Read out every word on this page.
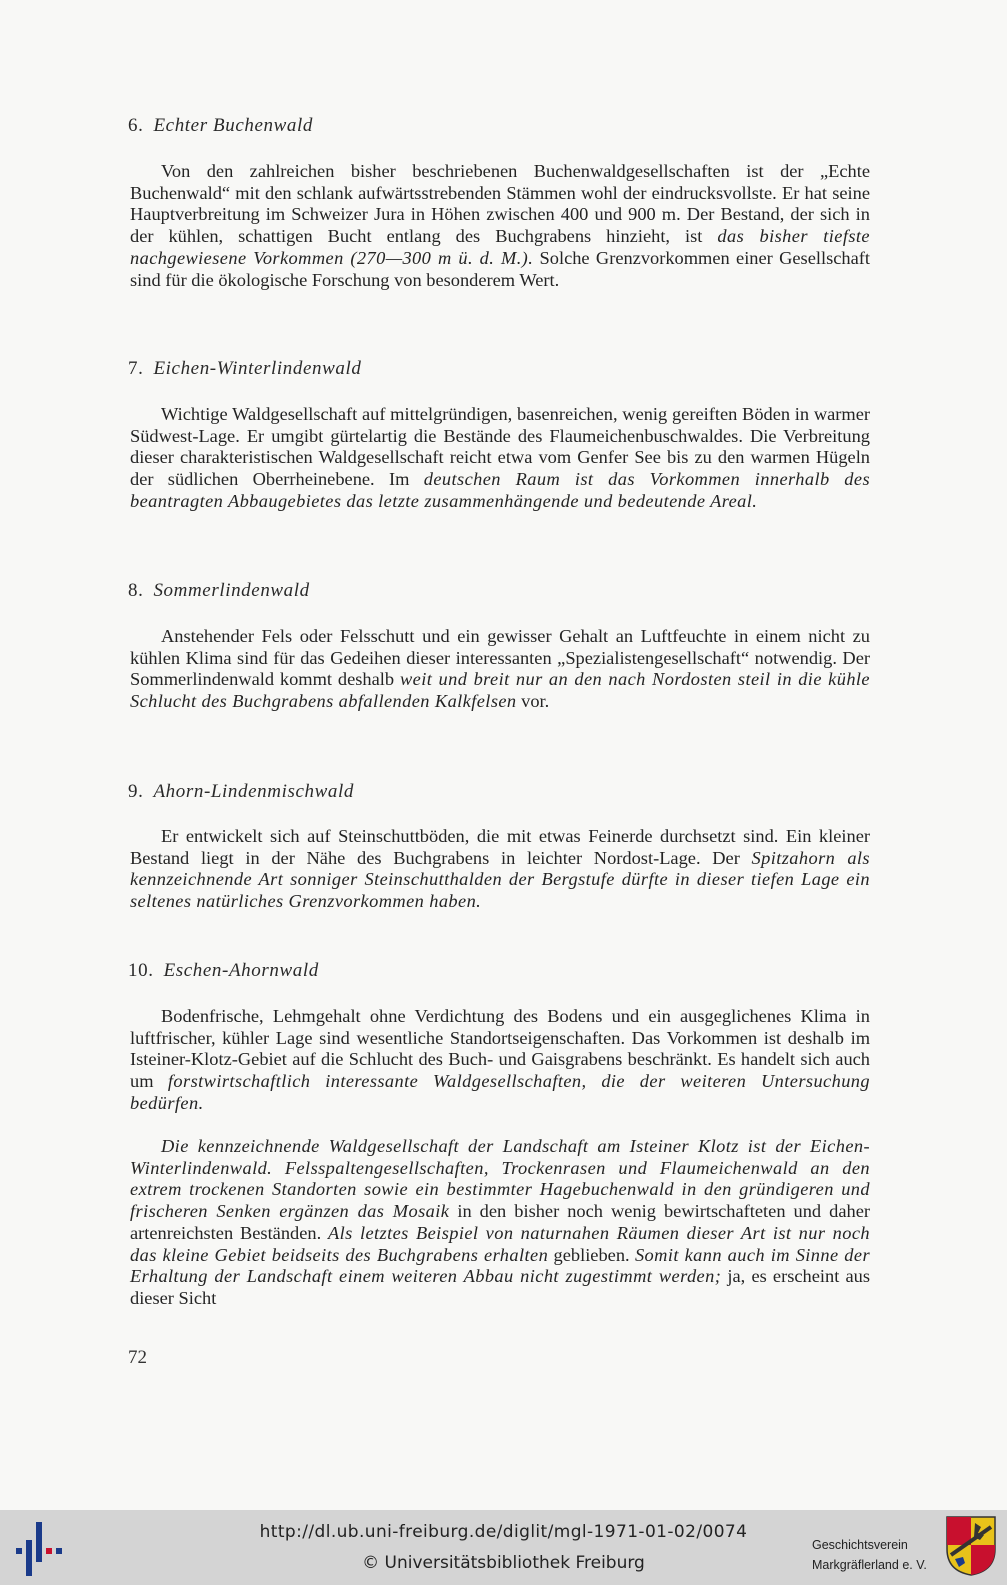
6. Echter Buchenwald
Von den zahlreichen bisher beschriebenen Buchenwaldgesellschaften ist der „Echte Buchenwald“ mit den schlank aufwärtsstrebenden Stämmen wohl der eindrucksvollste. Er hat seine Hauptverbreitung im Schweizer Jura in Höhen zwischen 400 und 900 m. Der Bestand, der sich in der kühlen, schattigen Bucht entlang des Buchgrabens hinzieht, ist das bisher tiefste nachgewiesene Vorkommen (270—300 m ü. d. M.). Solche Grenzvorkommen einer Gesellschaft sind für die ökologische Forschung von besonderem Wert.
7. Eichen-Winterlindenwald
Wichtige Waldgesellschaft auf mittelgründigen, basenreichen, wenig gereiften Böden in warmer Südwest-Lage. Er umgibt gürtelartig die Bestände des Flaumeichenbuschwaldes. Die Verbreitung dieser charakteristischen Waldgesellschaft reicht etwa vom Genfer See bis zu den warmen Hügeln der südlichen Oberrheinebene. Im deutschen Raum ist das Vorkommen innerhalb des beantragten Abbaugebietes das letzte zusammenhängende und bedeutende Areal.
8. Sommerlindenwald
Anstehender Fels oder Felsschutt und ein gewisser Gehalt an Luftfeuchte in einem nicht zu kühlen Klima sind für das Gedeihen dieser interessanten „Spezialistengesellschaft“ notwendig. Der Sommerlindenwald kommt deshalb weit und breit nur an den nach Nordosten steil in die kühle Schlucht des Buchgrabens abfallenden Kalkfelsen vor.
9. Ahorn-Lindenmischwald
Er entwickelt sich auf Steinschuttböden, die mit etwas Feinerde durchsetzt sind. Ein kleiner Bestand liegt in der Nähe des Buchgrabens in leichter Nordost-Lage. Der Spitzahorn als kennzeichnende Art sonniger Steinschutthalden der Bergstufe dürfte in dieser tiefen Lage ein seltenes natürliches Grenzvorkommen haben.
10. Eschen-Ahornwald
Bodenfrische, Lehmgehalt ohne Verdichtung des Bodens und ein ausgeglichenes Klima in luftfrischer, kühler Lage sind wesentliche Standortseigenschaften. Das Vorkommen ist deshalb im Isteiner-Klotz-Gebiet auf die Schlucht des Buch- und Gaisgrabens beschränkt. Es handelt sich auch um forstwirtschaftlich interessante Waldgesellschaften, die der weiteren Untersuchung bedürfen.
Die kennzeichnende Waldgesellschaft der Landschaft am Isteiner Klotz ist der Eichen-Winterlindenwald. Felsspaltengesellschaften, Trockenrasen und Flaumeichenwald an den extrem trockenen Standorten sowie ein bestimmter Hagebuchenwald in den gründigeren und frischeren Senken ergänzen das Mosaik in den bisher noch wenig bewirtschafteten und daher artenreichsten Beständen. Als letztes Beispiel von naturnahen Räumen dieser Art ist nur noch das kleine Gebiet beidseits des Buchgrabens erhalten geblieben. Somit kann auch im Sinne der Erhaltung der Landschaft einem weiteren Abbau nicht zugestimmt werden; ja, es erscheint aus dieser Sicht
72
http://dl.ub.uni-freiburg.de/diglit/mgl-1971-01-02/0074
© Universitätsbibliothek Freiburg
Geschichtsverein
Markgräflerland e. V.
